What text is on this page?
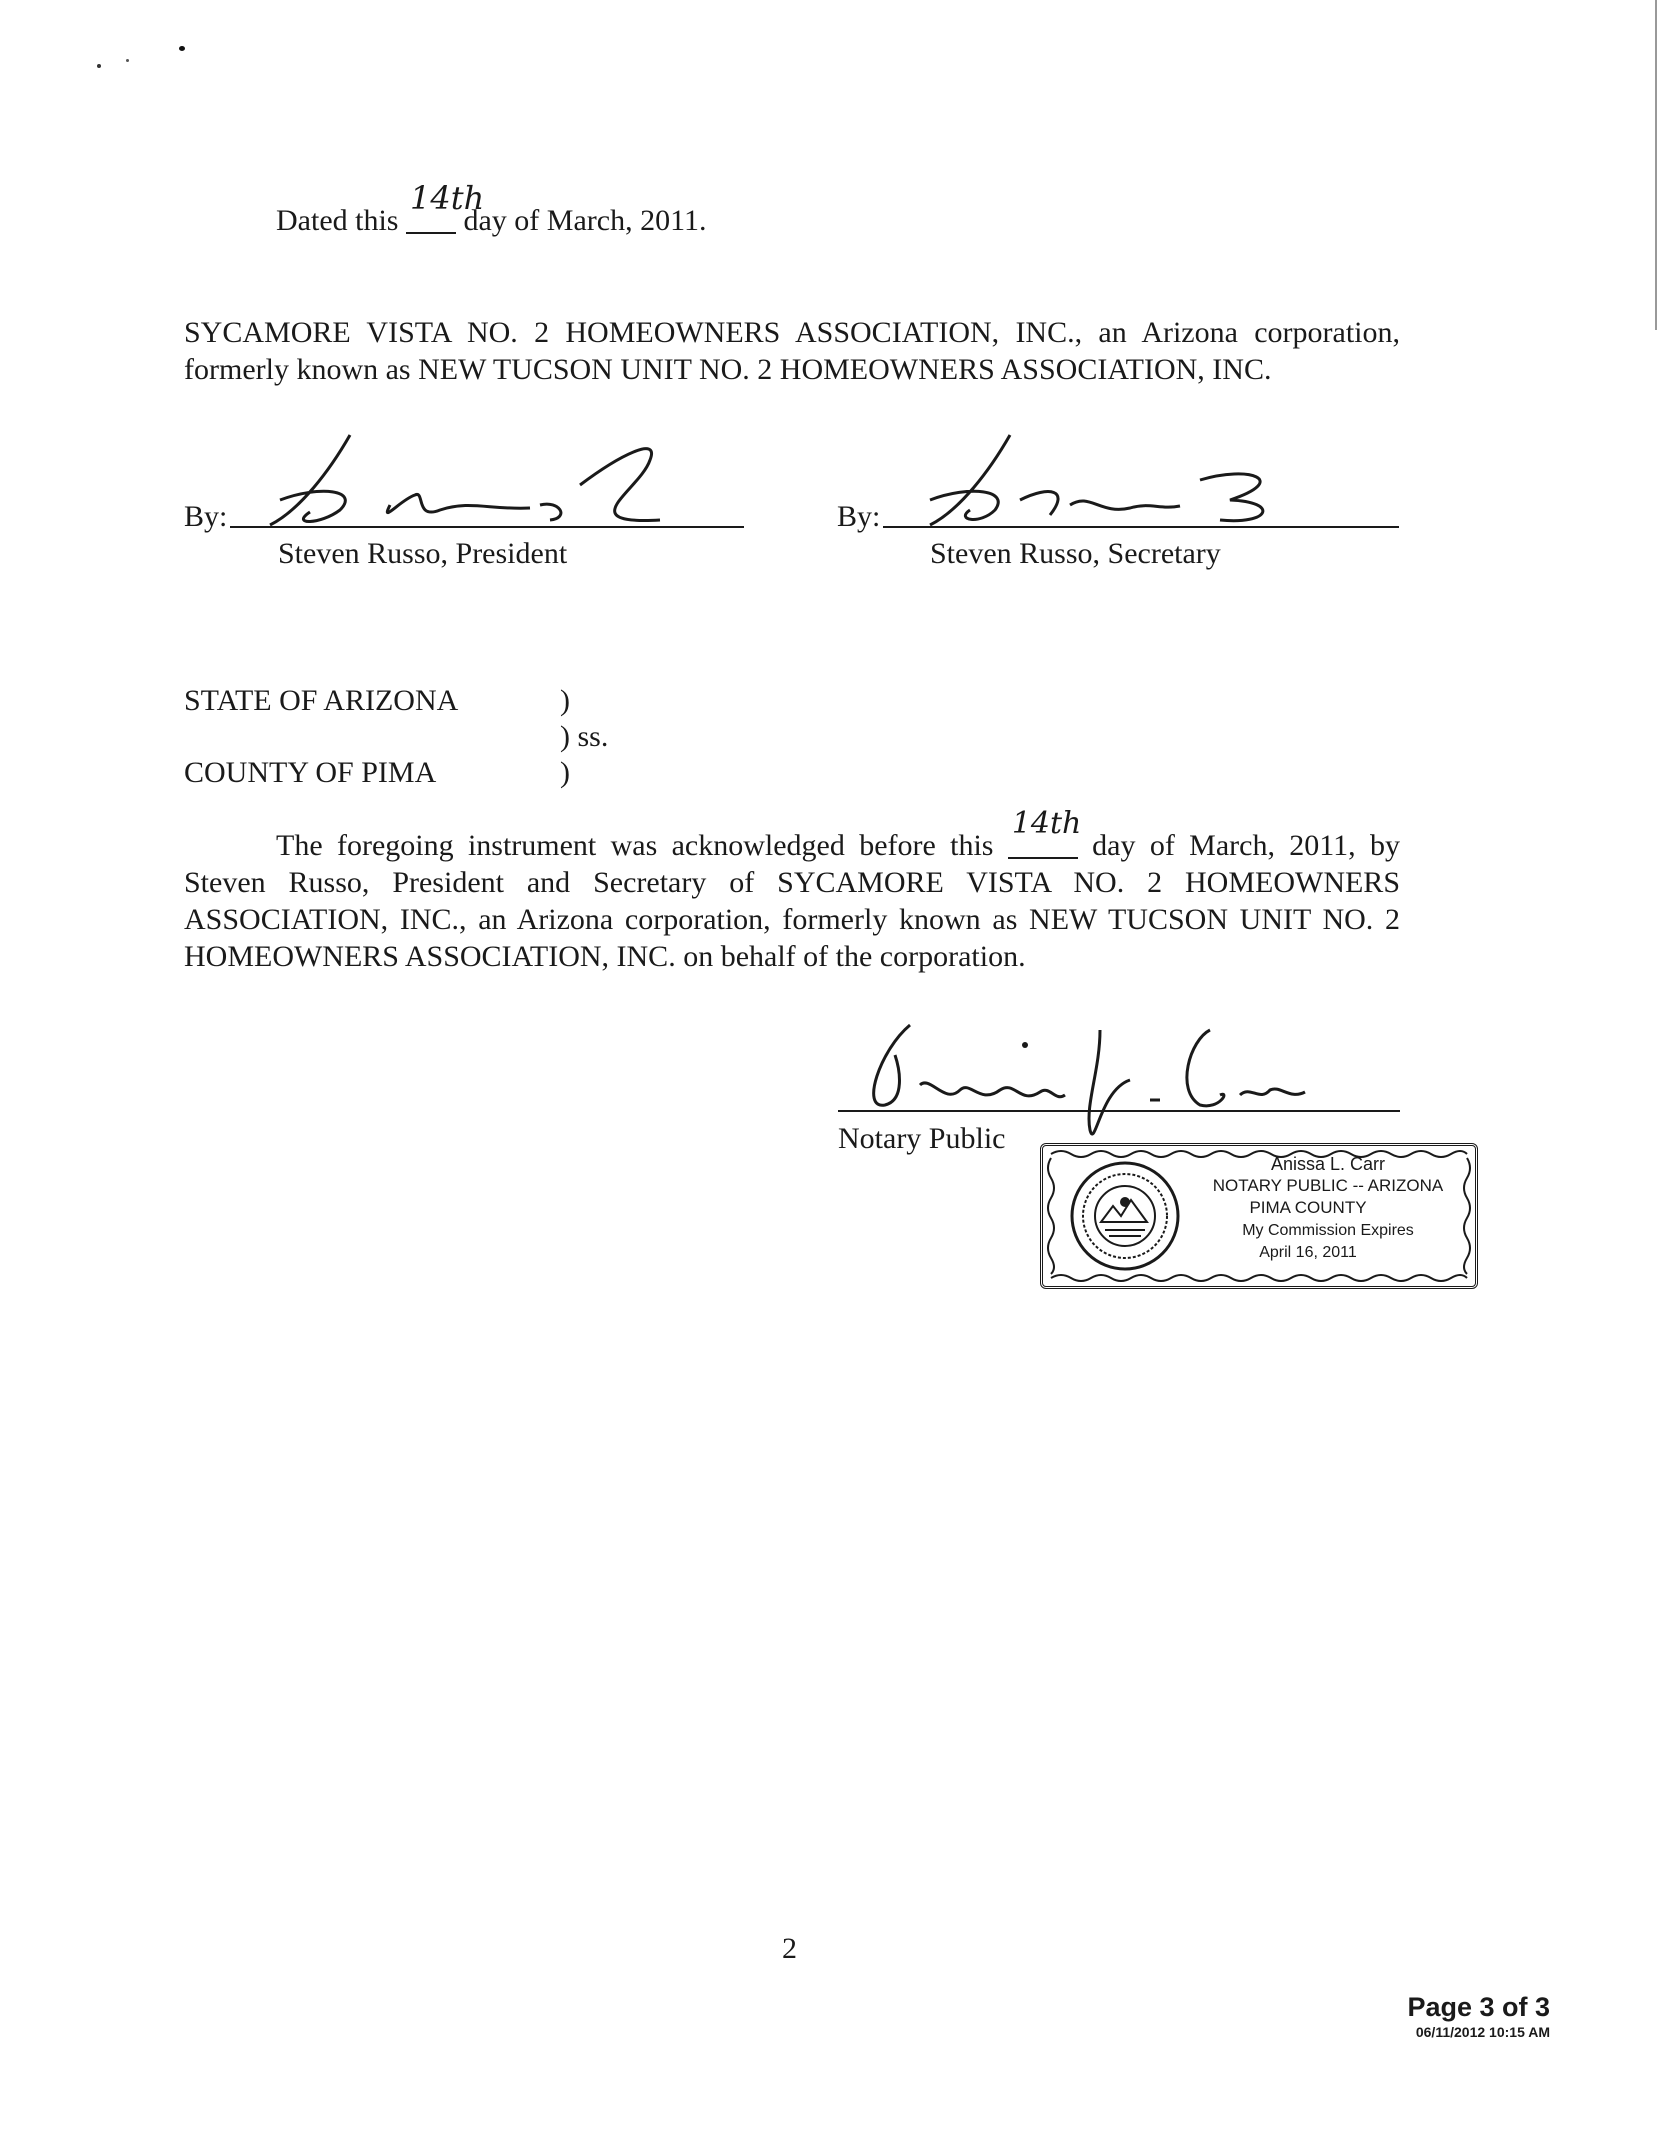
Dated this
14th
day of March, 2011.
SYCAMORE VISTA NO. 2 HOMEOWNERS ASSOCIATION, INC., an Arizona corporation,
formerly known as NEW TUCSON UNIT NO. 2 HOMEOWNERS ASSOCIATION, INC.
By:
Steven Russo, President
By:
Steven Russo, Secretary
STATE OF ARIZONA	)
) ss.
COUNTY OF PIMA	)
The foregoing instrument was acknowledged before this
14th
day of March, 2011, by
Steven Russo, President and Secretary of SYCAMORE VISTA NO. 2 HOMEOWNERS
ASSOCIATION, INC., an Arizona corporation, formerly known as NEW TUCSON UNIT NO. 2
HOMEOWNERS ASSOCIATION, INC. on behalf of the corporation.
Notary Public
Anissa L. Carr
NOTARY PUBLIC -- ARIZONA
PIMA COUNTY
My Commission Expires
April 16, 2011
2
Page 3 of 3
06/11/2012 10:15 AM
